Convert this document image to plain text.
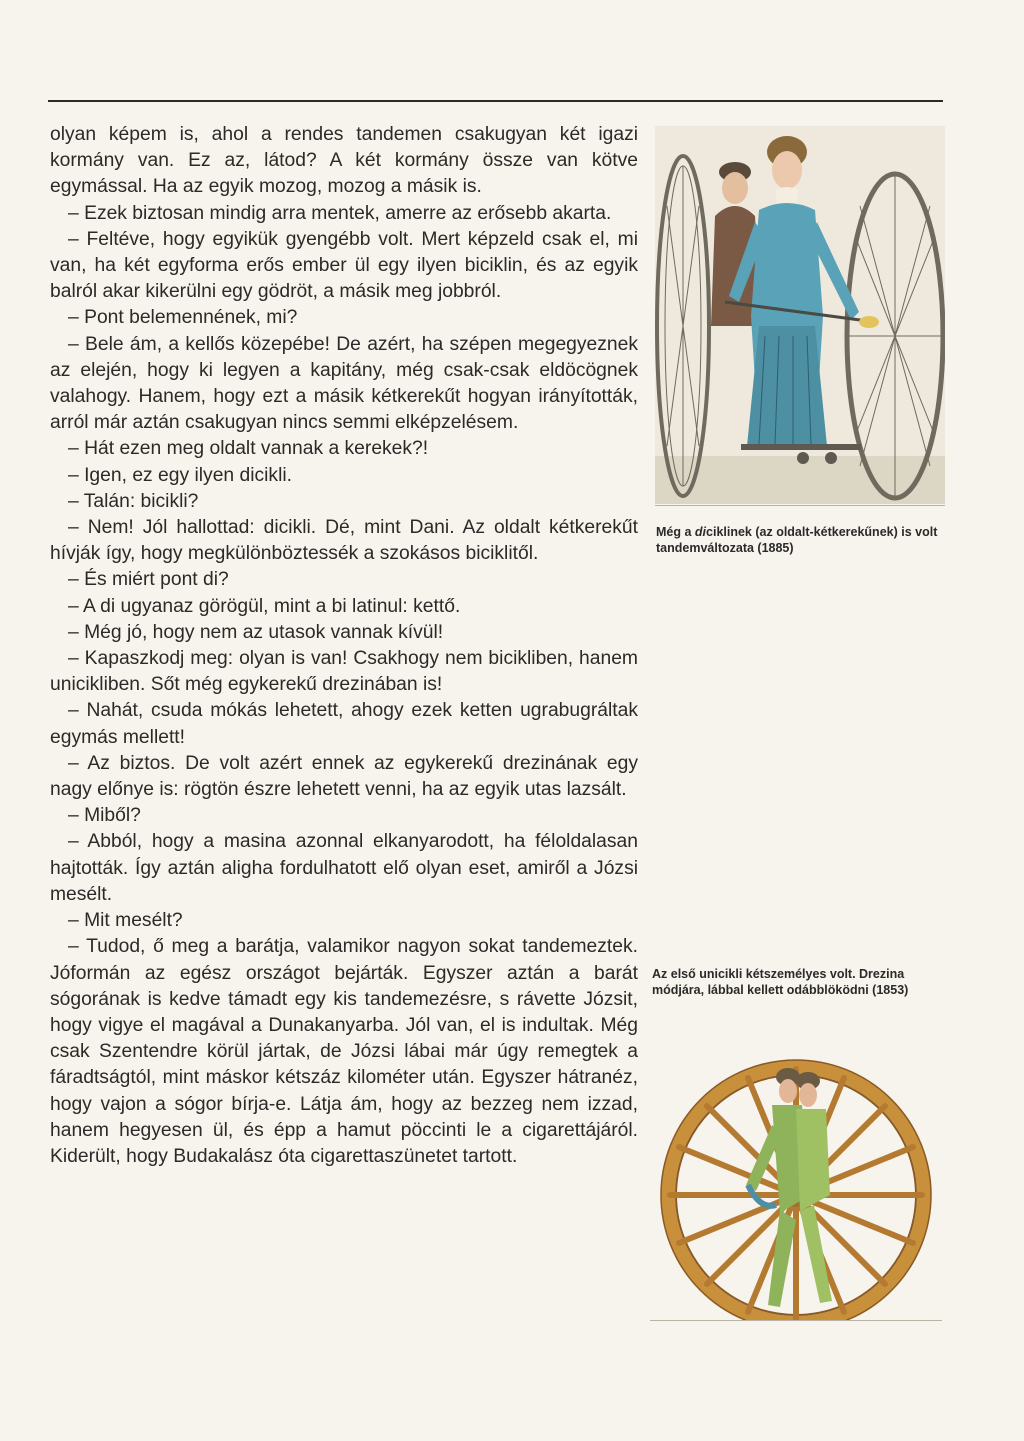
olyan képem is, ahol a rendes tandemen csakugyan két igazi kormány van. Ez az, látod? A két kormány össze van kötve egymással. Ha az egyik mozog, mozog a másik is.

– Ezek biztosan mindig arra mentek, amerre az erősebb akarta.

– Feltéve, hogy egyikük gyengébb volt. Mert képzeld csak el, mi van, ha két egyforma erős ember ül egy ilyen biciklin, és az egyik balról akar kikerülni egy gödröt, a másik meg jobbról.

– Pont belemennének, mi?

– Bele ám, a kellős közepébe! De azért, ha szépen megegyeznek az elején, hogy ki legyen a kapitány, még csak-csak eldöcögnek valahogy. Hanem, hogy ezt a másik kétkerekűt hogyan irányították, arról már aztán csakugyan nincs semmi elképzelésem.

– Hát ezen meg oldalt vannak a kerekek?!

– Igen, ez egy ilyen dicikli.

– Talán: bicikli?

– Nem! Jól hallottad: dicikli. Dé, mint Dani. Az oldalt kétkerekűt hívják így, hogy megkülönböztessék a szokásos biciklitől.

– És miért pont di?

– A di ugyanaz görögül, mint a bi latinul: kettő.

– Még jó, hogy nem az utasok vannak kívül!

– Kapaszkodj meg: olyan is van! Csakhogy nem bicikliben, hanem unicikliben. Sőt még egykerekű drezinában is!

– Nahát, csuda mókás lehetett, ahogy ezek ketten ugrabugráltak egymás mellett!

– Az biztos. De volt azért ennek az egykerekű drezinának egy nagy előnye is: rögtön észre lehetett venni, ha az egyik utas lazsált.

– Miből?

– Abból, hogy a masina azonnal elkanyarodott, ha féloldalasan hajtották. Így aztán aligha fordulhatott elő olyan eset, amiről a Józsi mesélt.

– Mit mesélt?

– Tudod, ő meg a barátja, valamikor nagyon sokat tandemeztek. Jóformán az egész országot bejárták. Egyszer aztán a barát sógorának is kedve támadt egy kis tandemezésre, s rávette Józsit, hogy vigye el magával a Dunakanyarba. Jól van, el is indultak. Még csak Szentendre körül jártak, de Józsi lábai már úgy remegtek a fáradtságtól, mint máskor kétszáz kilométer után. Egyszer hátranéz, hogy vajon a sógor bírja-e. Látja ám, hogy az bezzeg nem izzad, hanem hegyesen ül, és épp a hamut pöccinti le a cigarettájáról. Kiderült, hogy Budakalász óta cigarettaszünetet tartott.

Még a diciklinek (az oldalt-kétkerekűnek) is volt tandemváltozata (1885)
Az első unicikli kétszemélyes volt. Drezina módjára, lábbal kellett odábblöködni (1853)
